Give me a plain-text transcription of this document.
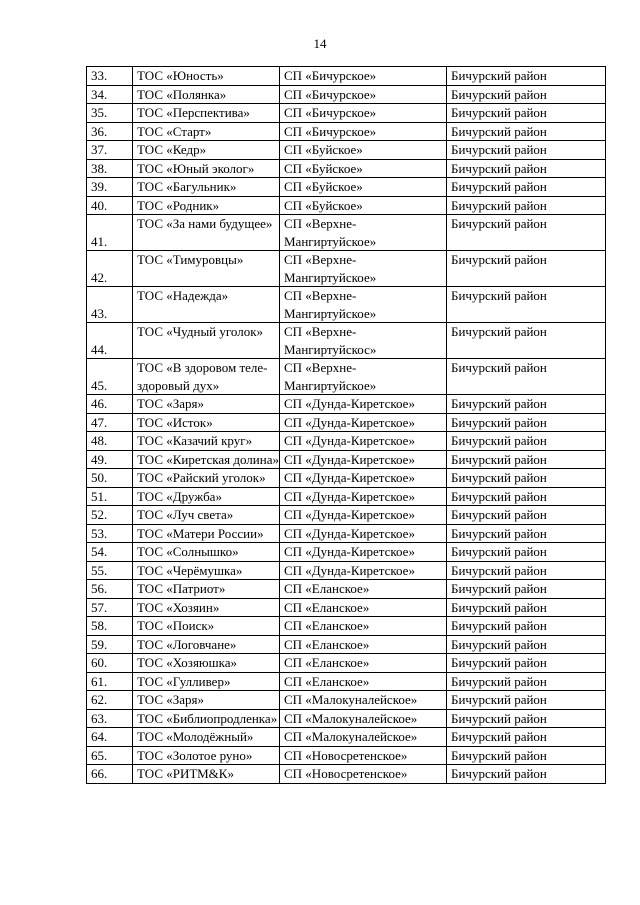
14
33.	ТОС «Юность»	СП «Бичурское»	Бичурский район
34.	ТОС «Полянка»	СП «Бичурское»	Бичурский район
35.	ТОС «Перспектива»	СП «Бичурское»	Бичурский район
36.	ТОС «Старт»	СП «Бичурское»	Бичурский район
37.	ТОС «Кедр»	СП «Буйское»	Бичурский район
38.	ТОС «Юный эколог»	СП «Буйское»	Бичурский район
39.	ТОС «Багульник»	СП «Буйское»	Бичурский район
40.	ТОС «Родник»	СП «Буйское»	Бичурский район
41.	ТОС «За нами будущее»	СП «Верхне-Мангиртуйское»	Бичурский район
42.	ТОС «Тимуровцы»	СП «Верхне-Мангиртуйское»	Бичурский район
43.	ТОС «Надежда»	СП «Верхне-Мангиртуйское»	Бичурский район
44.	ТОС «Чудный уголок»	СП «Верхне-Мангиртуйскос»	Бичурский район
45.	ТОС «В здоровом теле-здоровый дух»	СП «Верхне-Мангиртуйское»	Бичурский район
46.	ТОС «Заря»	СП «Дунда-Киретское»	Бичурский район
47.	ТОС «Исток»	СП «Дунда-Киретское»	Бичурский район
48.	ТОС «Казачий круг»	СП «Дунда-Киретское»	Бичурский район
49.	ТОС «Киретская долина»	СП «Дунда-Киретское»	Бичурский район
50.	ТОС «Райский уголок»	СП «Дунда-Киретское»	Бичурский район
51.	ТОС «Дружба»	СП «Дунда-Киретское»	Бичурский район
52.	ТОС «Луч света»	СП «Дунда-Киретское»	Бичурский район
53.	ТОС «Матери России»	СП «Дунда-Киретское»	Бичурский район
54.	ТОС «Солнышко»	СП «Дунда-Киретское»	Бичурский район
55.	ТОС «Черёмушка»	СП «Дунда-Киретское»	Бичурский район
56.	ТОС «Патриот»	СП «Еланское»	Бичурский район
57.	ТОС «Хозяин»	СП «Еланское»	Бичурский район
58.	ТОС «Поиск»	СП «Еланское»	Бичурский район
59.	ТОС «Логовчане»	СП «Еланское»	Бичурский район
60.	ТОС «Хозяюшка»	СП «Еланское»	Бичурский район
61.	ТОС «Гулливер»	СП «Еланское»	Бичурский район
62.	ТОС «Заря»	СП «Малокуналейское»	Бичурский район
63.	ТОС «Библиопродленка»	СП «Малокуналейское»	Бичурский район
64.	ТОС «Молодёжный»	СП «Малокуналейское»	Бичурский район
65.	ТОС «Золотое руно»	СП «Новосретенское»	Бичурский район
66.	ТОС «РИТМ&К»	СП «Новосретенское»	Бичурский район
